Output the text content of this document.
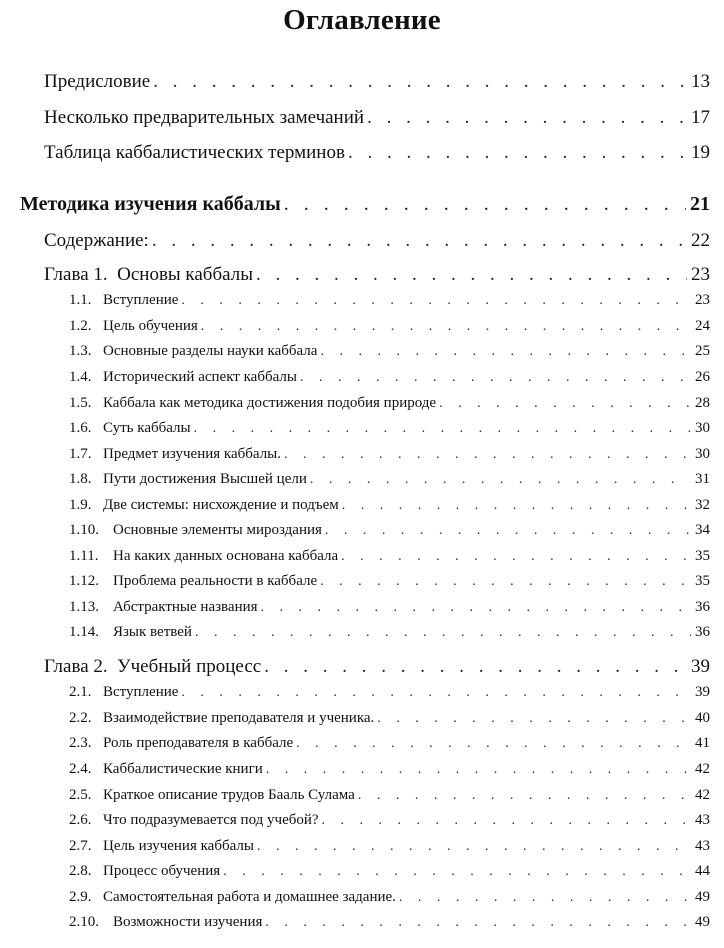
Оглавление
Предисловие . . .	13
Несколько предварительных замечаний . . .	17
Таблица каббалистических терминов . . .	19
Методика изучения каббалы . . .	21
Содержание: . . .	22
Глава 1.  Основы каббалы . . .	23
1.1. Вступление . . .	23
1.2. Цель обучения . . .	24
1.3. Основные разделы науки каббала . . .	25
1.4. Исторический аспект каббалы . . .	26
1.5. Каббала как методика достижения подобия природе . . .	28
1.6. Суть каббалы . . .	30
1.7. Предмет изучения каббалы. . . .	30
1.8. Пути достижения Высшей цели . . .	31
1.9. Две системы: нисхождение и подъем . . .	32
1.10. Основные элементы мироздания . . .	34
1.11. На каких данных основана каббала . . .	35
1.12. Проблема реальности в каббале . . .	35
1.13. Абстрактные названия . . .	36
1.14. Язык ветвей . . .	36
Глава 2.  Учебный процесс . . .	39
2.1. Вступление . . .	39
2.2. Взаимодействие преподавателя и ученика. . . .	40
2.3. Роль преподавателя в каббале . . .	41
2.4. Каббалистические книги . . .	42
2.5. Краткое описание трудов Бааль Сулама . . .	42
2.6. Что подразумевается под учебой? . . .	43
2.7. Цель изучения каббалы . . .	43
2.8. Процесс обучения . . .	44
2.9. Самостоятельная работа и домашнее задание. . . .	49
2.10. Возможности изучения . . .	49
